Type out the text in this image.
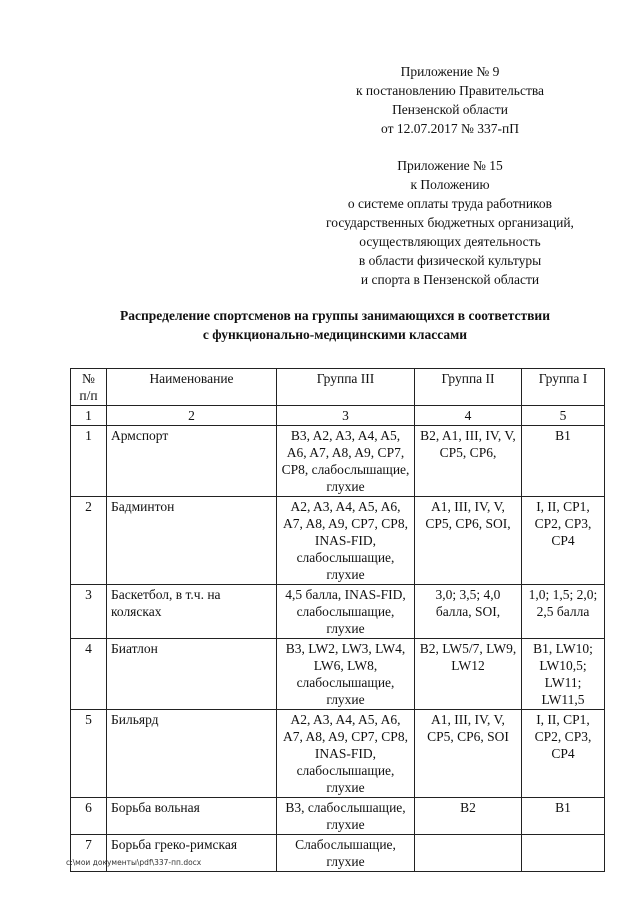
Приложение № 9
к постановлению Правительства
Пензенской области
от 12.07.2017 № 337-пП
Приложение № 15
к Положению
о системе оплаты труда работников
государственных бюджетных организаций,
осуществляющих деятельность
в области физической культуры
и спорта в Пензенской области
Распределение спортсменов на группы занимающихся в соответствии
с функционально-медицинскими классами
№ п/п	Наименование	Группа III	Группа II	Группа I
1	2	3	4	5
1	Армспорт	B3, A2, A3, A4, A5, A6, A7, A8, A9, CP7, CP8, слабослышащие, глухие	B2, A1, III, IV, V, CP5, CP6,	B1
2	Бадминтон	A2, A3, A4, A5, A6, A7, A8, A9, CP7, CP8, INAS-FID, слабослышащие, глухие	A1, III, IV, V, CP5, CP6, SOI,	I, II, CP1, CP2, CP3, CP4
3	Баскетбол, в т.ч. на колясках	4,5 балла, INAS-FID, слабослышащие, глухие	3,0; 3,5; 4,0 балла, SOI,	1,0; 1,5; 2,0; 2,5 балла
4	Биатлон	B3, LW2, LW3, LW4, LW6, LW8, слабослышащие, глухие	B2, LW5/7, LW9, LW12	B1, LW10; LW10,5; LW11; LW11,5
5	Бильярд	A2, A3, A4, A5, A6, A7, A8, A9, CP7, CP8, INAS-FID, слабослышащие, глухие	A1, III, IV, V, CP5, CP6, SOI	I, II, CP1, CP2, CP3, CP4
6	Борьба вольная	B3, слабослышащие, глухие	B2	B1
7	Борьба греко-римская	Слабослышащие, глухие		
c:\мои документы\pdf\337-пп.docx
